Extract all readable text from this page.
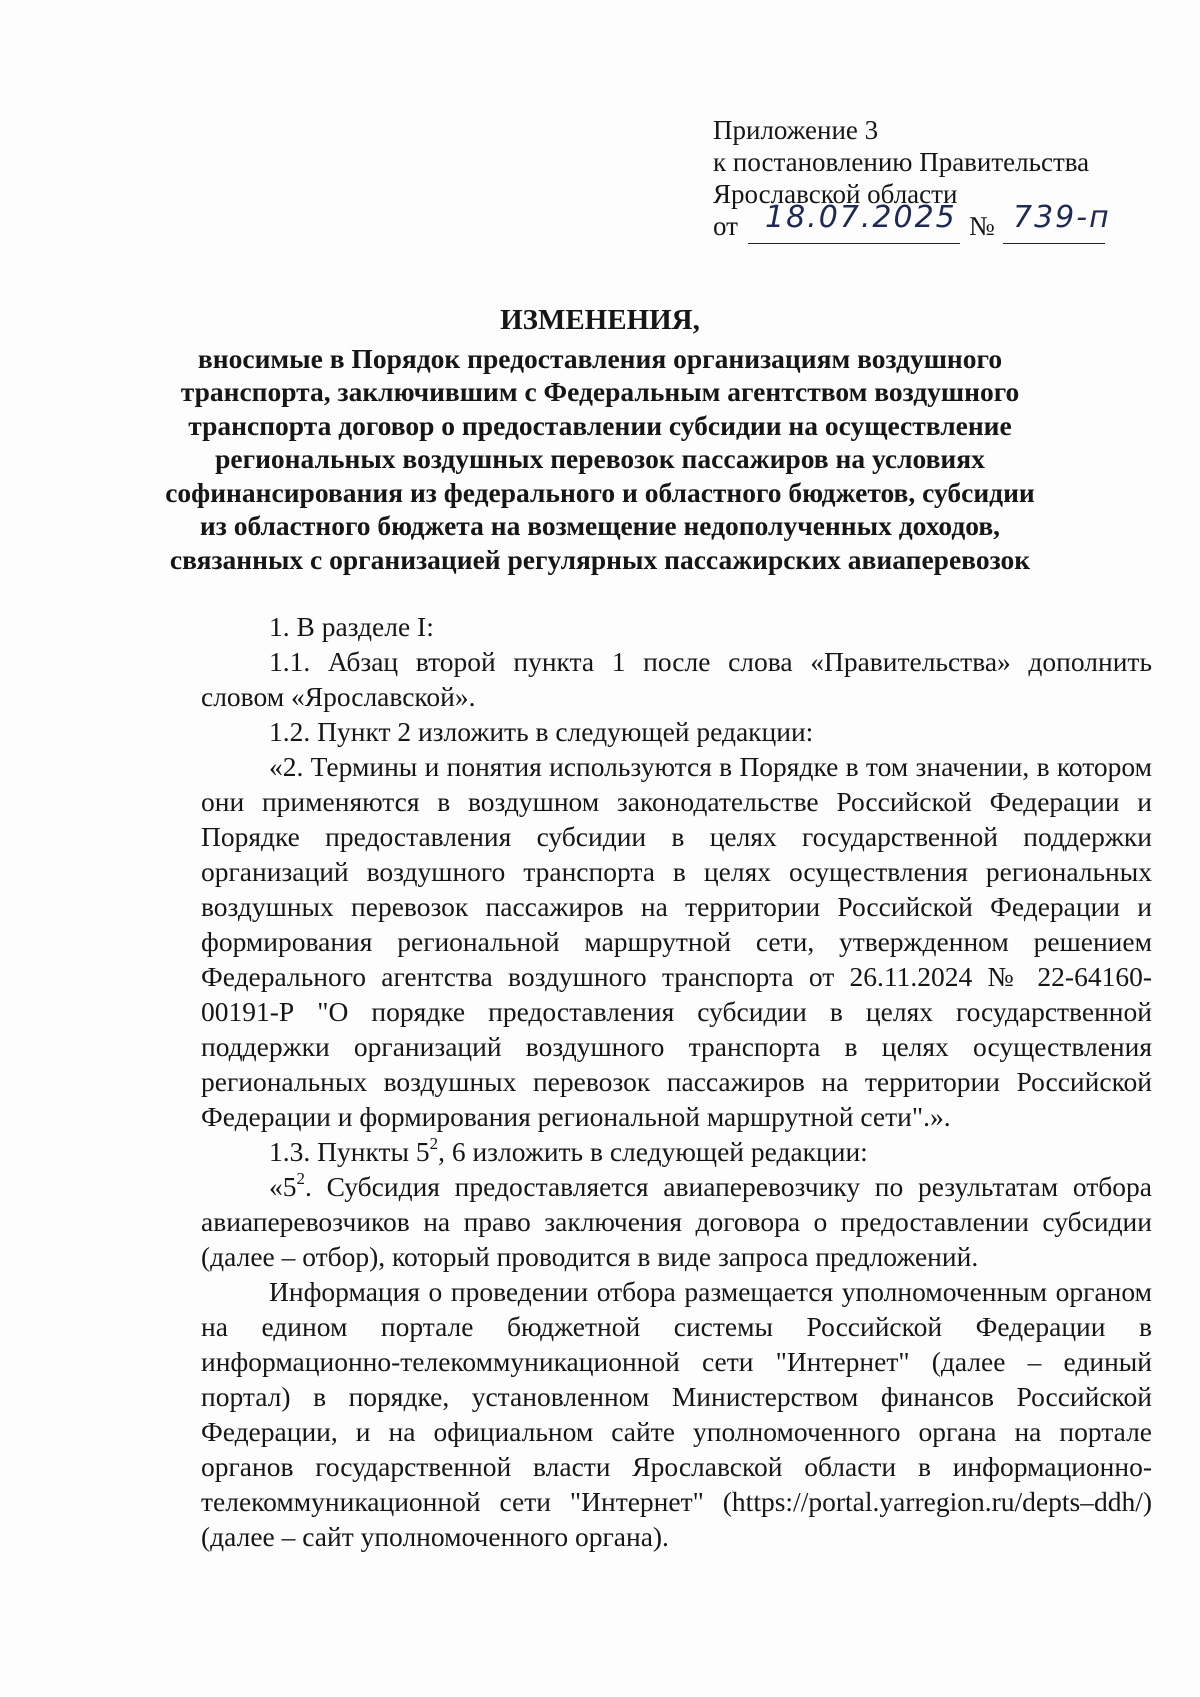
Приложение 3
к постановлению Правительства
Ярославской области
от 18.07.2025 № 739-п
ИЗМЕНЕНИЯ,
вносимые в Порядок предоставления организациям воздушного
транспорта, заключившим с Федеральным агентством воздушного
транспорта договор о предоставлении субсидии на осуществление
региональных воздушных перевозок пассажиров на условиях
софинансирования из федерального и областного бюджетов, субсидии
из областного бюджета на возмещение недополученных доходов,
связанных с организацией регулярных пассажирских авиаперевозок

1. В разделе I:

1.1. Абзац второй пункта 1 после слова «Правительства» дополнить словом «Ярославской».

1.2. Пункт 2 изложить в следующей редакции:

«2. Термины и понятия используются в Порядке в том значении, в котором они применяются в воздушном законодательстве Российской Федерации и Порядке предоставления субсидии в целях государственной поддержки организаций воздушного транспорта в целях осуществления региональных воздушных перевозок пассажиров на территории Российской Федерации и формирования региональной маршрутной сети, утвержденном решением Федерального агентства воздушного транспорта от 26.11.2024 № 22-64160-00191-Р "О порядке предоставления субсидии в целях государственной поддержки организаций воздушного транспорта в целях осуществления региональных воздушных перевозок пассажиров на территории Российской Федерации и формирования региональной маршрутной сети".».

1.3. Пункты $5^2$, 6 изложить в следующей редакции:

«$5^2$. Субсидия предоставляется авиаперевозчику по результатам отбора авиаперевозчиков на право заключения договора о предоставлении субсидии (далее – отбор), который проводится в виде запроса предложений.

Информация о проведении отбора размещается уполномоченным органом на едином портале бюджетной системы Российской Федерации в информационно-телекоммуникационной сети "Интернет" (далее – единый портал) в порядке, установленном Министерством финансов Российской Федерации, и на официальном сайте уполномоченного органа на портале органов государственной власти Ярославской области в информационно-телекоммуникационной сети "Интернет" (https://portal.yarregion.ru/depts–ddh/) (далее – сайт уполномоченного органа).
